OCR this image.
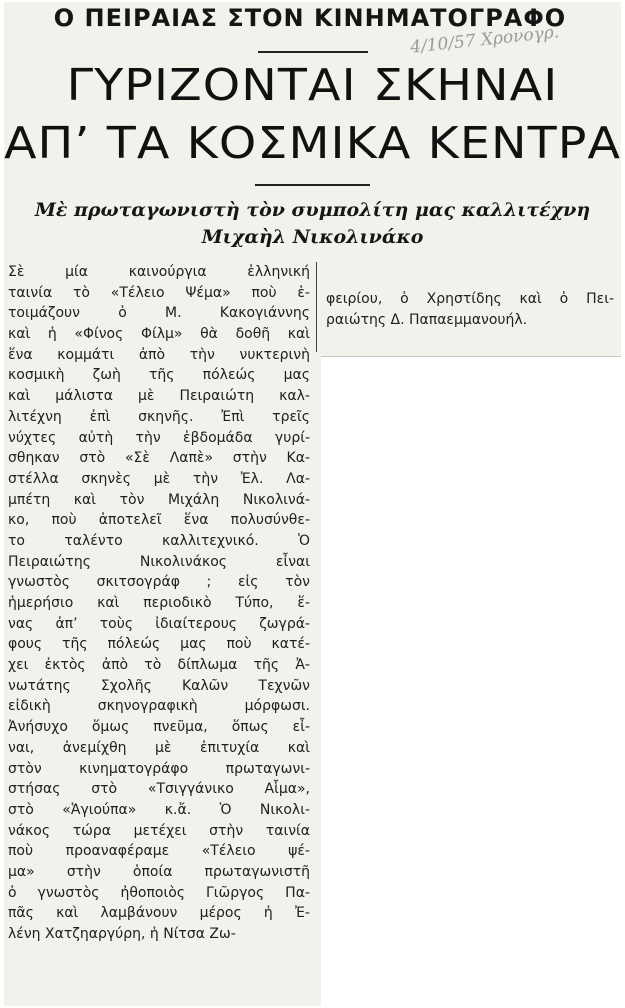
Ο ΠΕΙΡΑΙΑΣ ΣΤΟΝ ΚΙΝΗΜΑΤΟΓΡΑΦΟ
4/10/57 Χρονογρ.
ΓΥΡΙΖΟΝΤΑΙ ΣΚΗΝΑΙ
ΑΠ’ ΤΑ ΚΟΣΜΙΚΑ ΚΕΝΤΡΑ
Μὲ πρωταγωνιστὴ τὸν συμπολίτη μας καλλιτέχνη
Μιχαὴλ Νικολινάκο
Σὲ μία καινούργια ἑλληνική
ταινία τὸ «Τέλειο Ψέμα» ποὺ ἑ-
τοιμάζουν ὁ Μ. Κακογιάννης
καὶ ἡ «Φίνος Φίλμ» θὰ δοθῆ καὶ
ἕνα κομμάτι ἀπὸ τὴν νυκτερινὴ
κοσμικὴ ζωὴ τῆς πόλεώς μας
καὶ μάλιστα μὲ Πειραιώτη καλ-
λιτέχνη ἐπὶ σκηνῆς. Ἐπὶ τρεῖς
νύχτες αὐτὴ τὴν ἑβδομάδα γυρί-
σθηκαν στὸ «Σὲ Λαπὲ» στὴν Κα-
στέλλα σκηνὲς μὲ τὴν Ἐλ. Λα-
μπέτη καὶ τὸν Μιχάλη Νικολινά-
κο, ποὺ ἀποτελεῖ ἕνα πολυσύνθε-
το ταλέντο καλλιτεχνικό. Ὁ
Πειραιώτης Νικολινάκος εἶναι
γνωστὸς σκιτσογράφ ; εἰς τὸν
ἡμερήσιο καὶ περιοδικὸ Τύπο, ἕ-
νας ἀπ’ τοὺς ἰδιαίτερους ζωγρά-
φους τῆς πόλεώς μας ποὺ κατέ-
χει ἐκτὸς ἀπὸ τὸ δίπλωμα τῆς Ἀ-
νωτάτης Σχολῆς Καλῶν Τεχνῶν
εἰδικὴ σκηνογραφικὴ μόρφωσι.
Ἀνήσυχο ὅμως πνεῦμα, ὅπως εἶ-
ναι, ἀνεμίχθη μὲ ἐπιτυχία καὶ
στὸν κινηματογράφο πρωταγωνι-
στήσας στὸ «Τσιγγάνικο Αἷμα»,
στὸ «Ἁγιούπα» κ.ἄ. Ὁ Νικολι-
νάκος τώρα μετέχει στὴν ταινία
ποὺ προαναφέραμε «Τέλειο ψέ-
μα» στὴν ὁποία πρωταγωνιστῆ
ὁ γνωστὸς ἠθοποιὸς Γιῶργος Πα-
πᾶς καὶ λαμβάνουν μέρος ἡ Ἐ-
λένη Χατζηαργύρη, ἡ Νίτσα Ζω-
φειρίου, ὁ Χρηστίδης καὶ ὁ Πει-
ραιώτης Δ. Παπαεμμανουήλ.
